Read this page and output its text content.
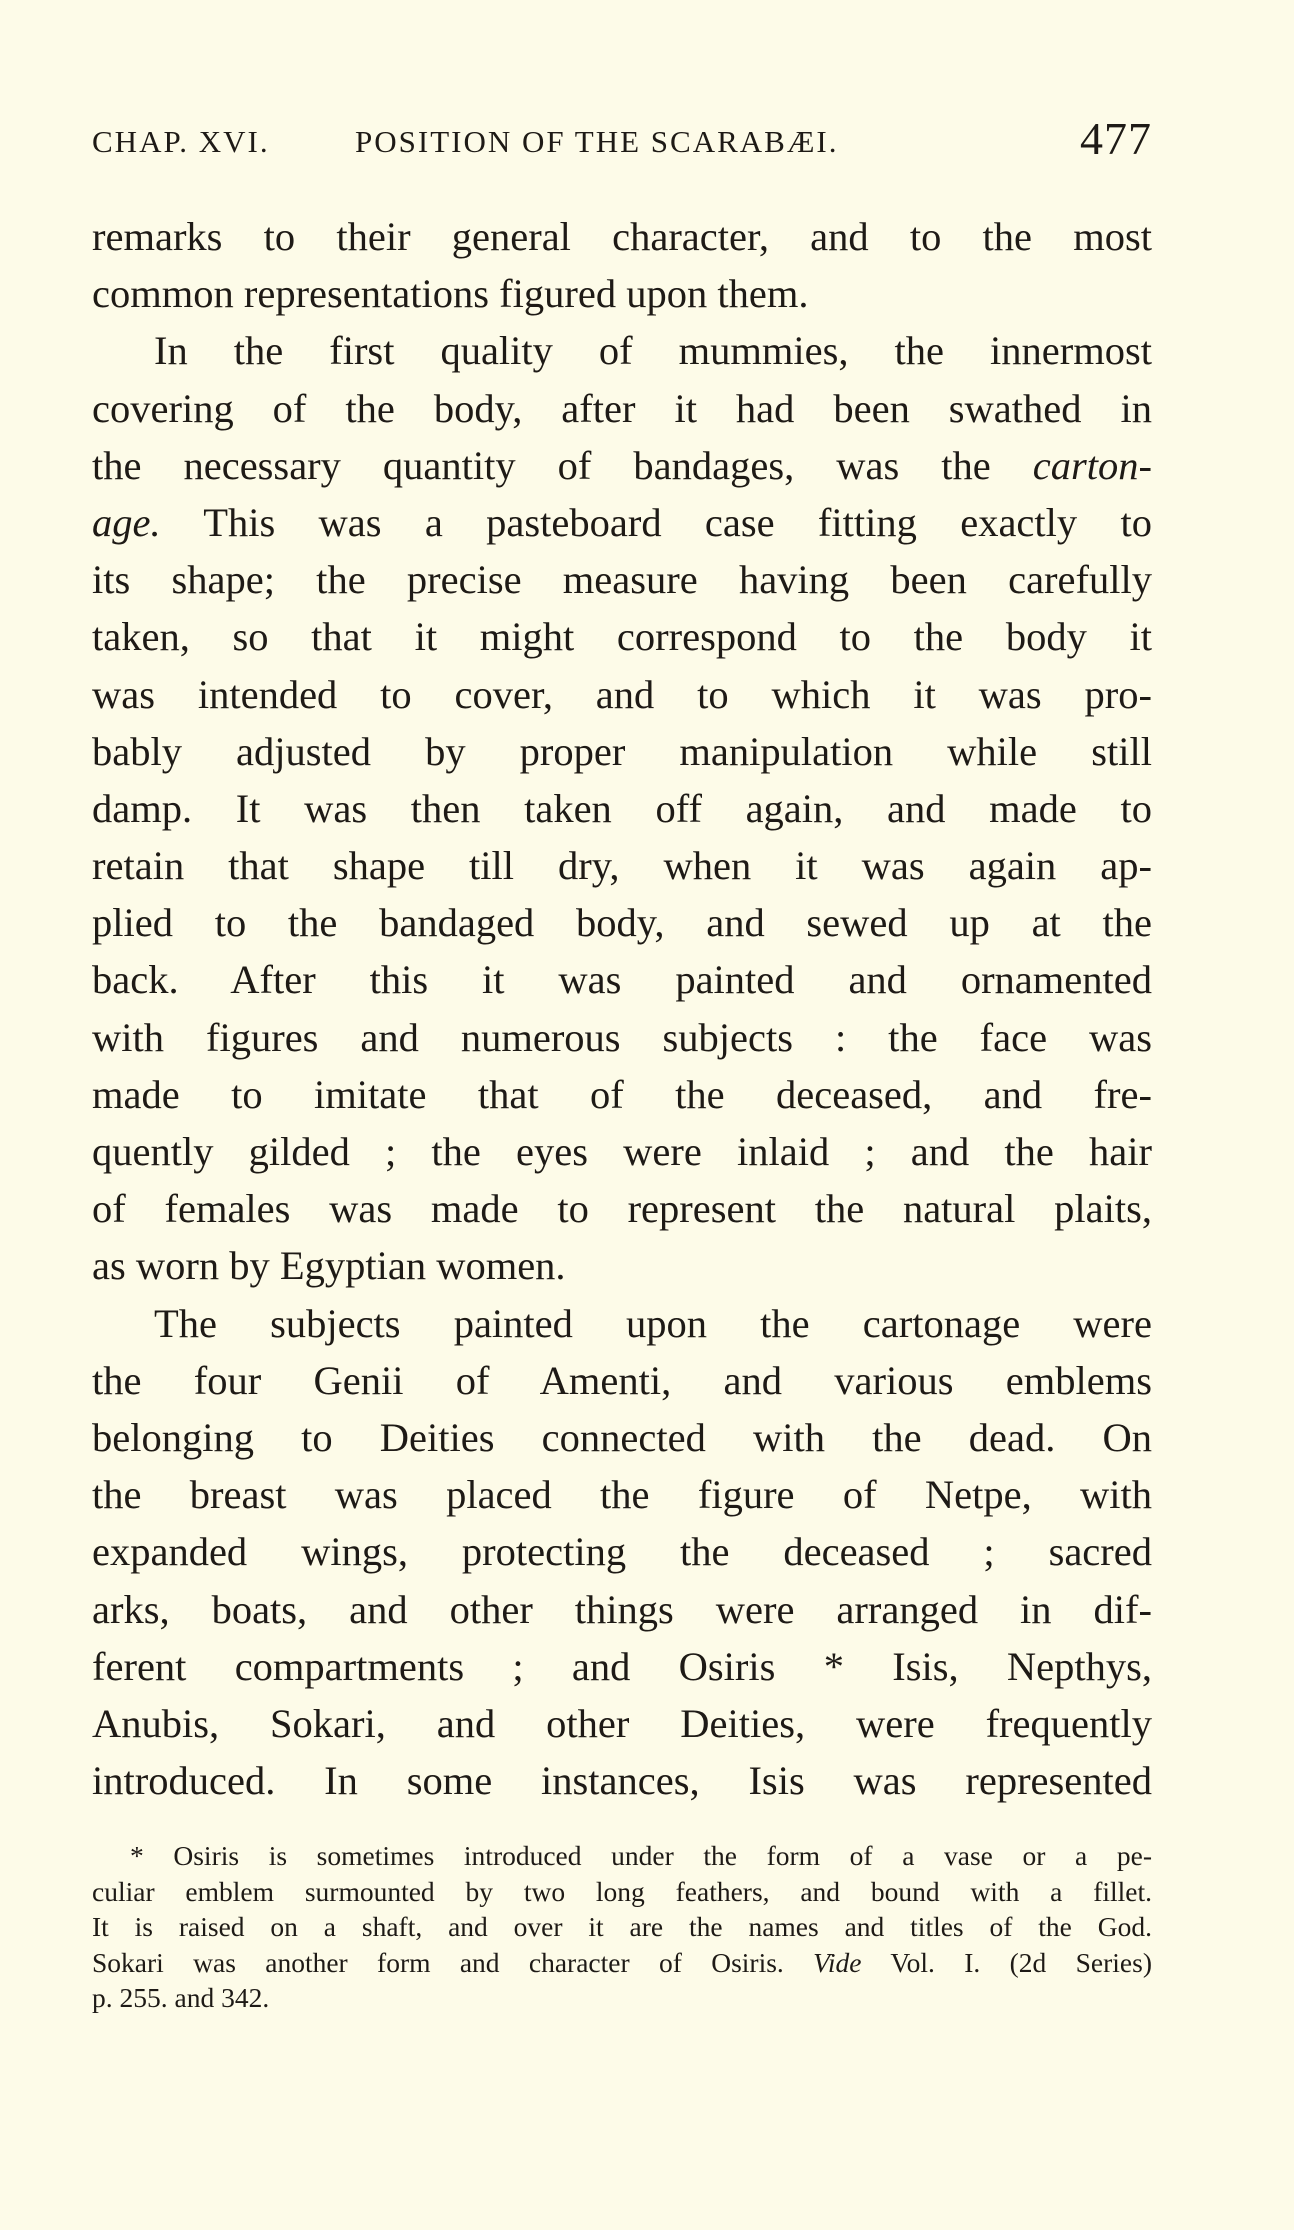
CHAP. XVI.	POSITION OF THE SCARABÆI.	477
remarks to their general character, and to the most
common representations figured upon them.
In the first quality of mummies, the innermost
covering of the body, after it had been swathed in
the necessary quantity of bandages, was the carton-
age. This was a pasteboard case fitting exactly to
its shape; the precise measure having been carefully
taken, so that it might correspond to the body it
was intended to cover, and to which it was pro-
bably adjusted by proper manipulation while still
damp. It was then taken off again, and made to
retain that shape till dry, when it was again ap-
plied to the bandaged body, and sewed up at the
back. After this it was painted and ornamented
with figures and numerous subjects : the face was
made to imitate that of the deceased, and fre-
quently gilded ; the eyes were inlaid ; and the hair
of females was made to represent the natural plaits,
as worn by Egyptian women.
The subjects painted upon the cartonage were
the four Genii of Amenti, and various emblems
belonging to Deities connected with the dead. On
the breast was placed the figure of Netpe, with
expanded wings, protecting the deceased ; sacred
arks, boats, and other things were arranged in dif-
ferent compartments ; and Osiris * Isis, Nepthys,
Anubis, Sokari, and other Deities, were frequently
introduced. In some instances, Isis was represented
* Osiris is sometimes introduced under the form of a vase or a pe-
culiar emblem surmounted by two long feathers, and bound with a fillet.
It is raised on a shaft, and over it are the names and titles of the God.
Sokari was another form and character of Osiris. Vide Vol. I. (2d Series)
p. 255. and 342.
